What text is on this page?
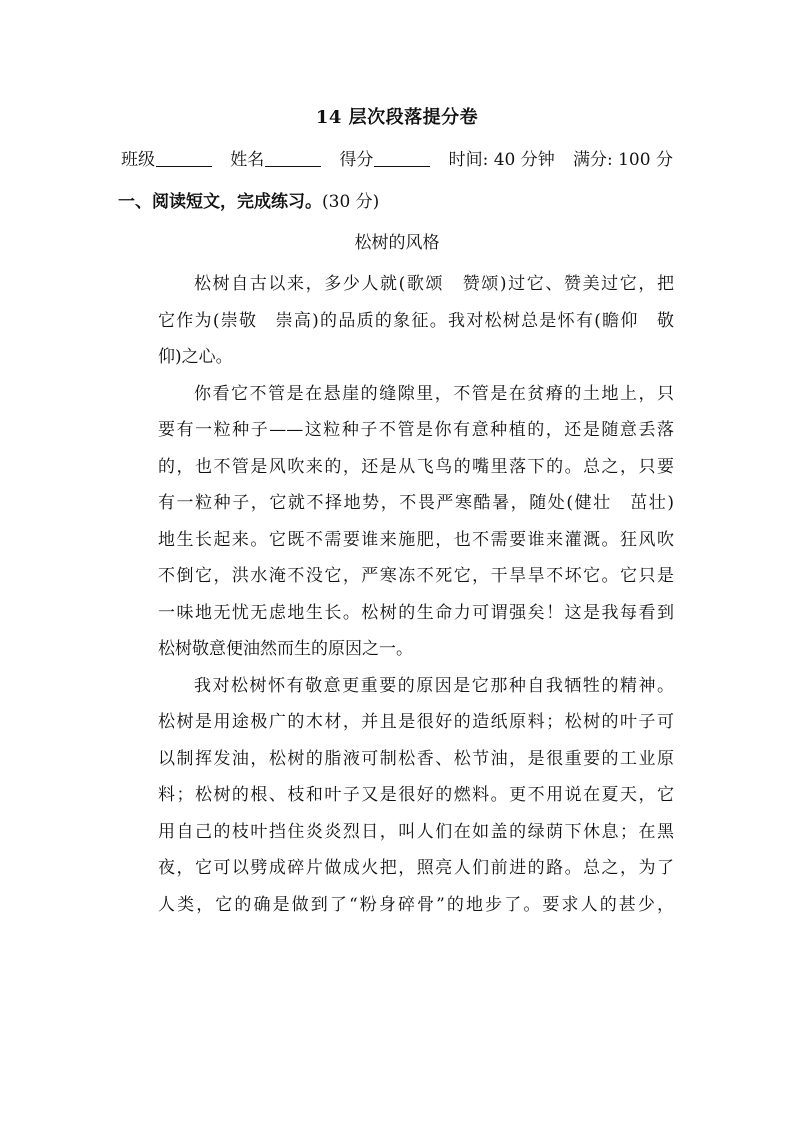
14 层次段落提分卷
班级	姓名	得分	时间: 40 分钟 满分: 100 分
一、阅读短文，完成练习。(30 分)
松树的风格
松树自古以来，多少人就(歌颂　赞颂)过它、赞美过它，把
它作为(崇敬　崇高)的品质的象征。我对松树总是怀有(瞻仰　敬
仰)之心。
你看它不管是在悬崖的缝隙里，不管是在贫瘠的土地上，只
要有一粒种子——这粒种子不管是你有意种植的，还是随意丢落
的，也不管是风吹来的，还是从飞鸟的嘴里落下的。总之，只要
有一粒种子，它就不择地势，不畏严寒酷暑，随处(健壮　茁壮)
地生长起来。它既不需要谁来施肥，也不需要谁来灌溉。狂风吹
不倒它，洪水淹不没它，严寒冻不死它，干旱旱不坏它。它只是
一味地无忧无虑地生长。松树的生命力可谓强矣！这是我每看到
松树敬意便油然而生的原因之一。
我对松树怀有敬意更重要的原因是它那种自我牺牲的精神。
松树是用途极广的木材，并且是很好的造纸原料；松树的叶子可
以制挥发油，松树的脂液可制松香、松节油，是很重要的工业原
料；松树的根、枝和叶子又是很好的燃料。更不用说在夏天，它
用自己的枝叶挡住炎炎烈日，叫人们在如盖的绿荫下休息；在黑
夜，它可以劈成碎片做成火把，照亮人们前进的路。总之，为了
人类，它的确是做到了“粉身碎骨”的地步了。要求人的甚少，
